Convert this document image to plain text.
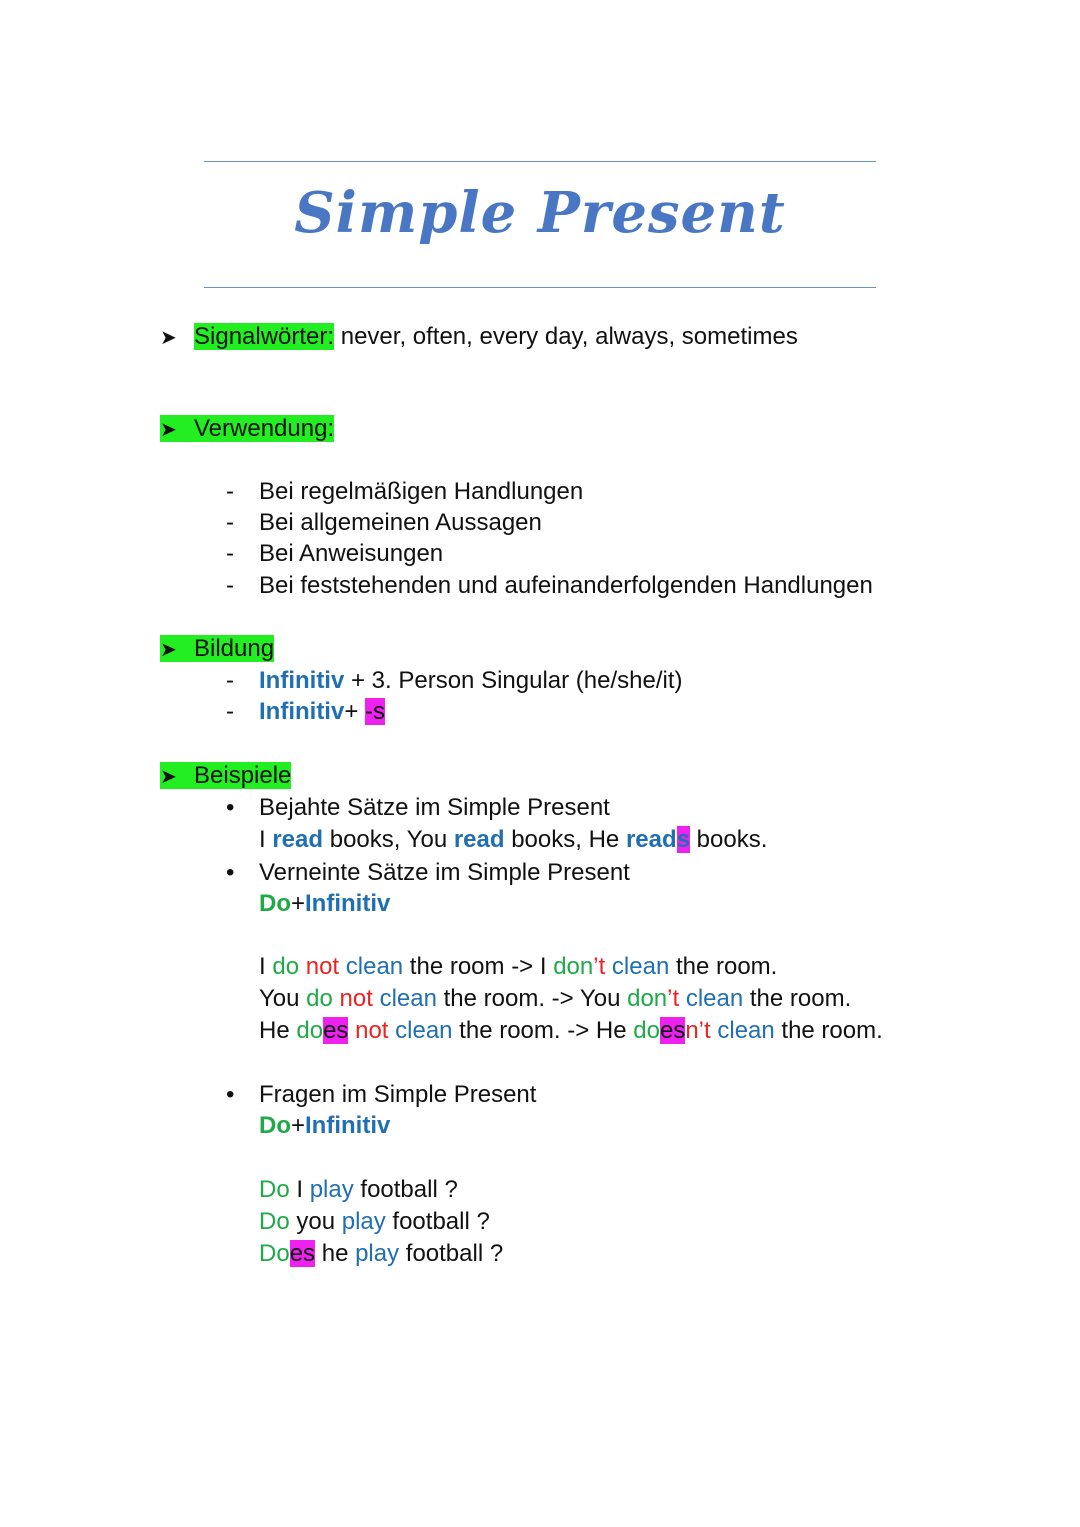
Simple Present
➤ Signalwörter: never, often, every day, always, sometimes
➤ Verwendung:
- Bei regelmäßigen Handlungen
- Bei allgemeinen Aussagen
- Bei Anweisungen
- Bei feststehenden und aufeinanderfolgenden Handlungen
➤ Bildung
- Infinitiv + 3. Person Singular (he/she/it)
- Infinitiv+ -s
➤ Beispiele
• Bejahte Sätze im Simple Present
I read books, You read books, He reads books.
• Verneinte Sätze im Simple Present
Do+Infinitiv
I do not clean the room -> I don’t clean the room.
You do not clean the room. -> You don’t clean the room.
He does not clean the room. -> He doesn’t clean the room.
• Fragen im Simple Present
Do+Infinitiv
Do I play football ?
Do you play football ?
Does he play football ?
